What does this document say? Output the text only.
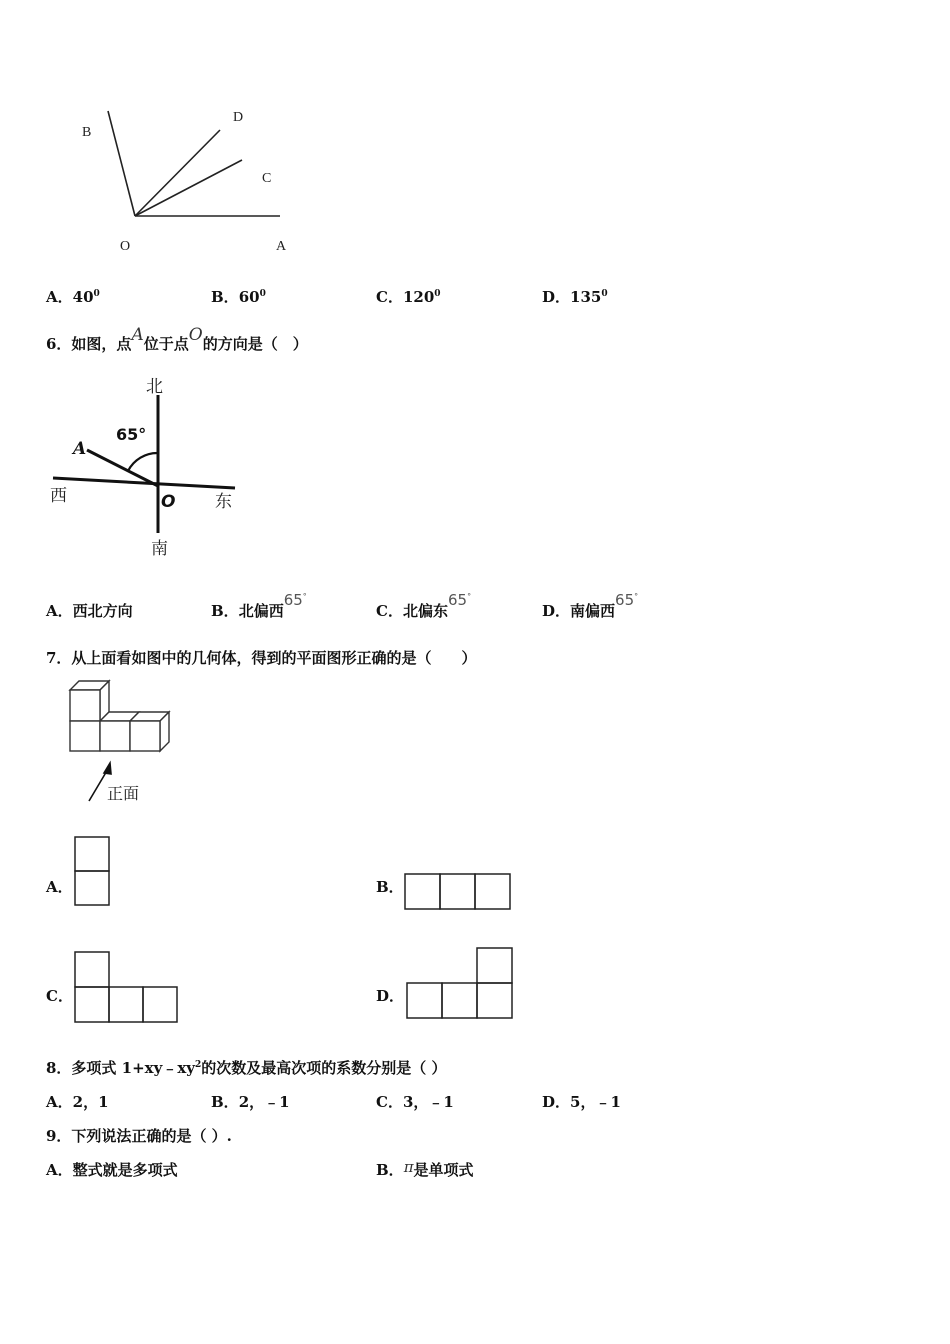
B
D
C
O	A
A．$40^0$	B．$60^0$	C．$120^0$	D．$135^0$
6．如图，点A位于点O的方向是（　）
北
南
西	东
65°
A
O
A．西北方向	B．北偏西65°
C．北偏东65°
D．南偏西65°
7．从上面看如图中的几何体，得到的平面图形正确的是（　　）
正面
A．	B．
C．	D．
8．多项式 $1+xy﹣xy^2$的次数及最高次项的系数分别是（ ）
A．2，1	B．2，﹣1	C．3，﹣1	D．5，﹣1
9．下列说法正确的是（ ）.
A．整式就是多项式	B．π是单项式
